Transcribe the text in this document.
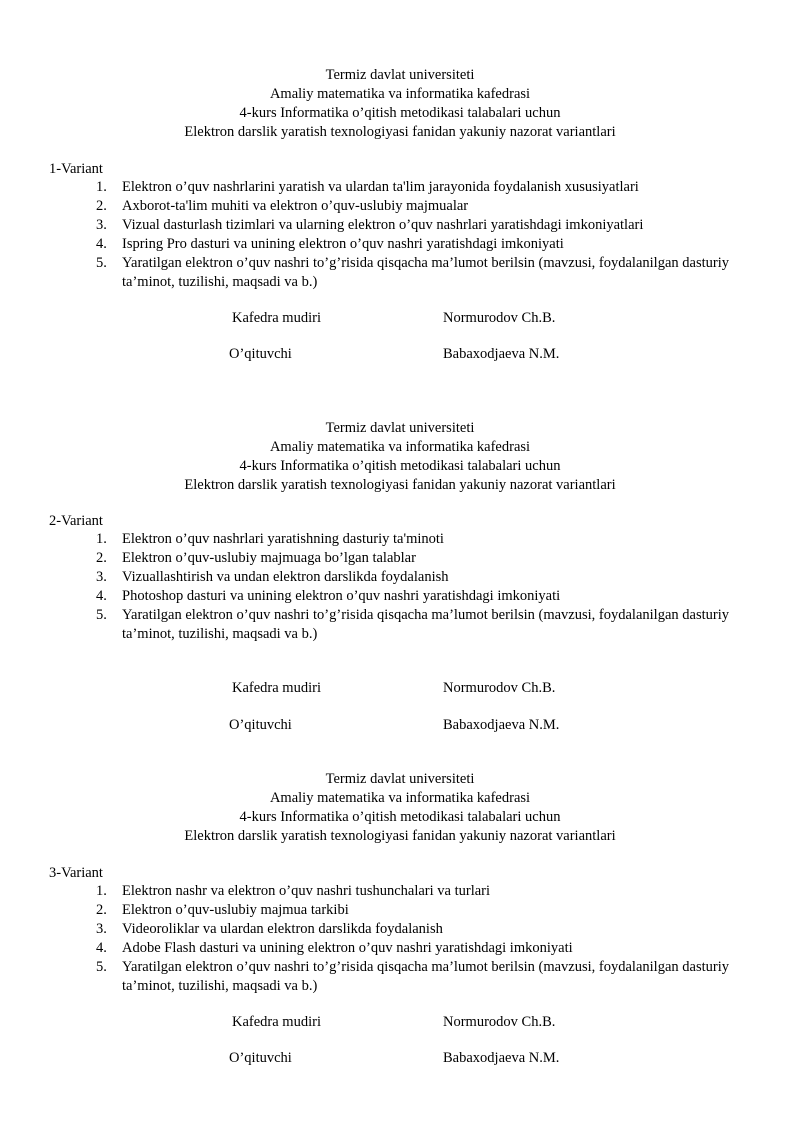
Termiz davlat universiteti
Amaliy matematika va informatika kafedrasi
4-kurs Informatika o’qitish metodikasi talabalari uchun
Elektron darslik yaratish texnologiyasi fanidan yakuniy nazorat variantlari
1-Variant
1. Elektron o’quv nashrlarini yaratish va ulardan ta'lim jarayonida foydalanish xususiyatlari
2. Axborot-ta'lim muhiti va elektron o’quv-uslubiy majmualar
3. Vizual dasturlash tizimlari va ularning elektron o’quv nashrlari yaratishdagi imkoniyatlari
4. Ispring Pro dasturi va unining elektron o’quv nashri yaratishdagi imkoniyati
5. Yaratilgan elektron o’quv nashri to’g’risida qisqacha ma’lumot berilsin (mavzusi, foydalanilgan dasturiy ta’minot, tuzilishi, maqsadi va b.)
Kafedra mudiri	Normurodov Ch.B.
O’qituvchi	Babaxodjaeva N.M.
Termiz davlat universiteti
Amaliy matematika va informatika kafedrasi
4-kurs Informatika o’qitish metodikasi talabalari uchun
Elektron darslik yaratish texnologiyasi fanidan yakuniy nazorat variantlari
2-Variant
1. Elektron o’quv nashrlari yaratishning dasturiy ta'minoti
2. Elektron o’quv-uslubiy majmuaga bo’lgan talablar
3. Vizuallashtirish va undan elektron darslikda foydalanish
4. Photoshop dasturi va unining elektron o’quv nashri yaratishdagi imkoniyati
5. Yaratilgan elektron o’quv nashri to’g’risida qisqacha ma’lumot berilsin (mavzusi, foydalanilgan dasturiy ta’minot, tuzilishi, maqsadi va b.)
Kafedra mudiri	Normurodov Ch.B.
O’qituvchi	Babaxodjaeva N.M.
Termiz davlat universiteti
Amaliy matematika va informatika kafedrasi
4-kurs Informatika o’qitish metodikasi talabalari uchun
Elektron darslik yaratish texnologiyasi fanidan yakuniy nazorat variantlari
3-Variant
1. Elektron nashr va elektron o’quv nashri tushunchalari va turlari
2. Elektron o’quv-uslubiy majmua tarkibi
3. Videoroliklar va ulardan elektron darslikda foydalanish
4. Adobe Flash dasturi va unining elektron o’quv nashri yaratishdagi imkoniyati
5. Yaratilgan elektron o’quv nashri to’g’risida qisqacha ma’lumot berilsin (mavzusi, foydalanilgan dasturiy ta’minot, tuzilishi, maqsadi va b.)
Kafedra mudiri	Normurodov Ch.B.
O’qituvchi	Babaxodjaeva N.M.
